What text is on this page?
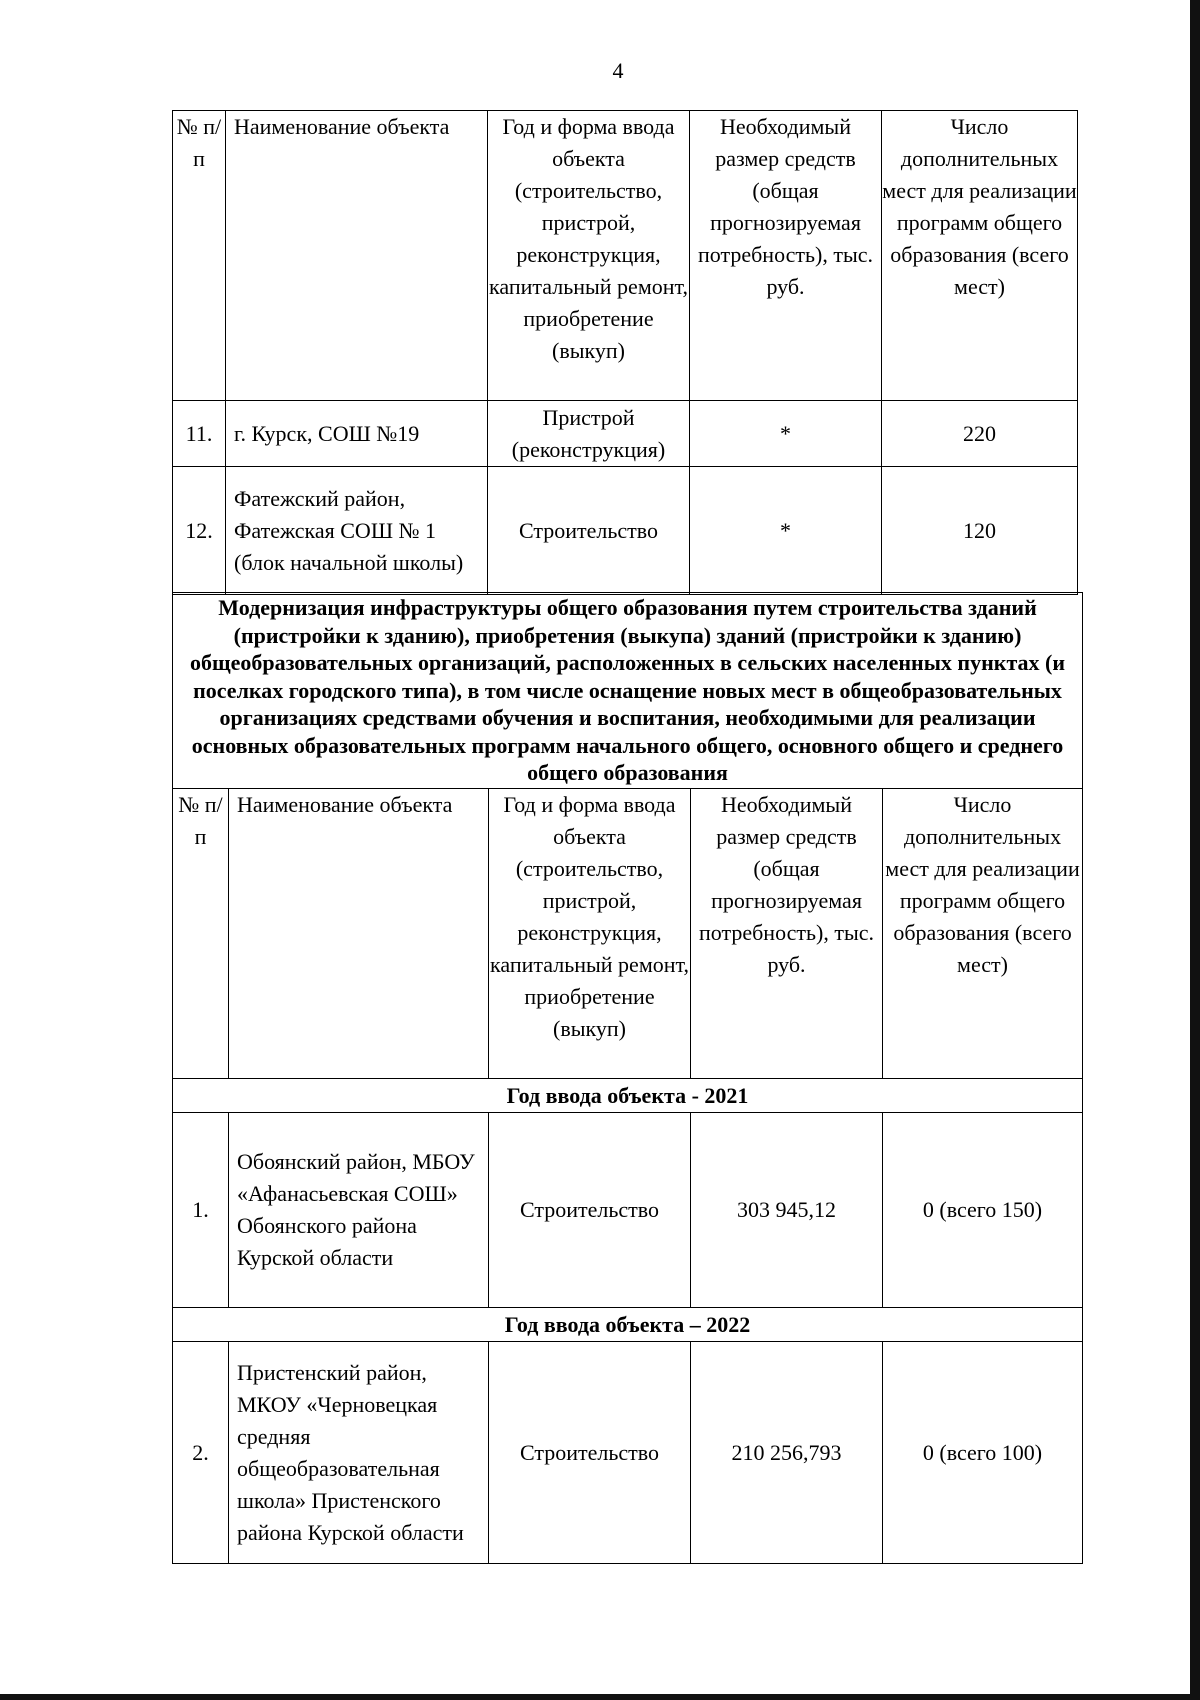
4
№ п/п	Наименование объекта	Год и форма ввода объекта (строительство, пристрой, реконструкция, капитальный ремонт, приобретение (выкуп)	Необходимый размер средств (общая прогнозируемая потребность), тыс. руб.	Число дополнительных мест для реализации программ общего образования (всего мест)
11.	г. Курск, СОШ №19	Пристрой (реконструкция)	*	220
12.	Фатежский район, Фатежская СОШ № 1 (блок начальной школы)	Строительство	*	120
Модернизация инфраструктуры общего образования путем строительства зданий (пристройки к зданию), приобретения (выкупа) зданий (пристройки к зданию) общеобразовательных организаций, расположенных в сельских населенных пунктах (и поселках городского типа), в том числе оснащение новых мест в общеобразовательных организациях средствами обучения и воспитания, необходимыми для реализации основных образовательных программ начального общего, основного общего и среднего общего образования				
№ п/п	Наименование объекта	Год и форма ввода объекта (строительство, пристрой, реконструкция, капитальный ремонт, приобретение (выкуп)	Необходимый размер средств (общая прогнозируемая потребность), тыс. руб.	Число дополнительных мест для реализации программ общего образования (всего мест)
Год ввода объекта - 2021				
1.	Обоянский район, МБОУ «Афанасьевская СОШ» Обоянского района Курской области	Строительство	303 945,12	0 (всего 150)
Год ввода объекта – 2022				
2.	Пристенский район, МКОУ «Черновецкая средняя общеобразовательная школа» Пристенского района Курской области	Строительство	210 256,793	0 (всего 100)
